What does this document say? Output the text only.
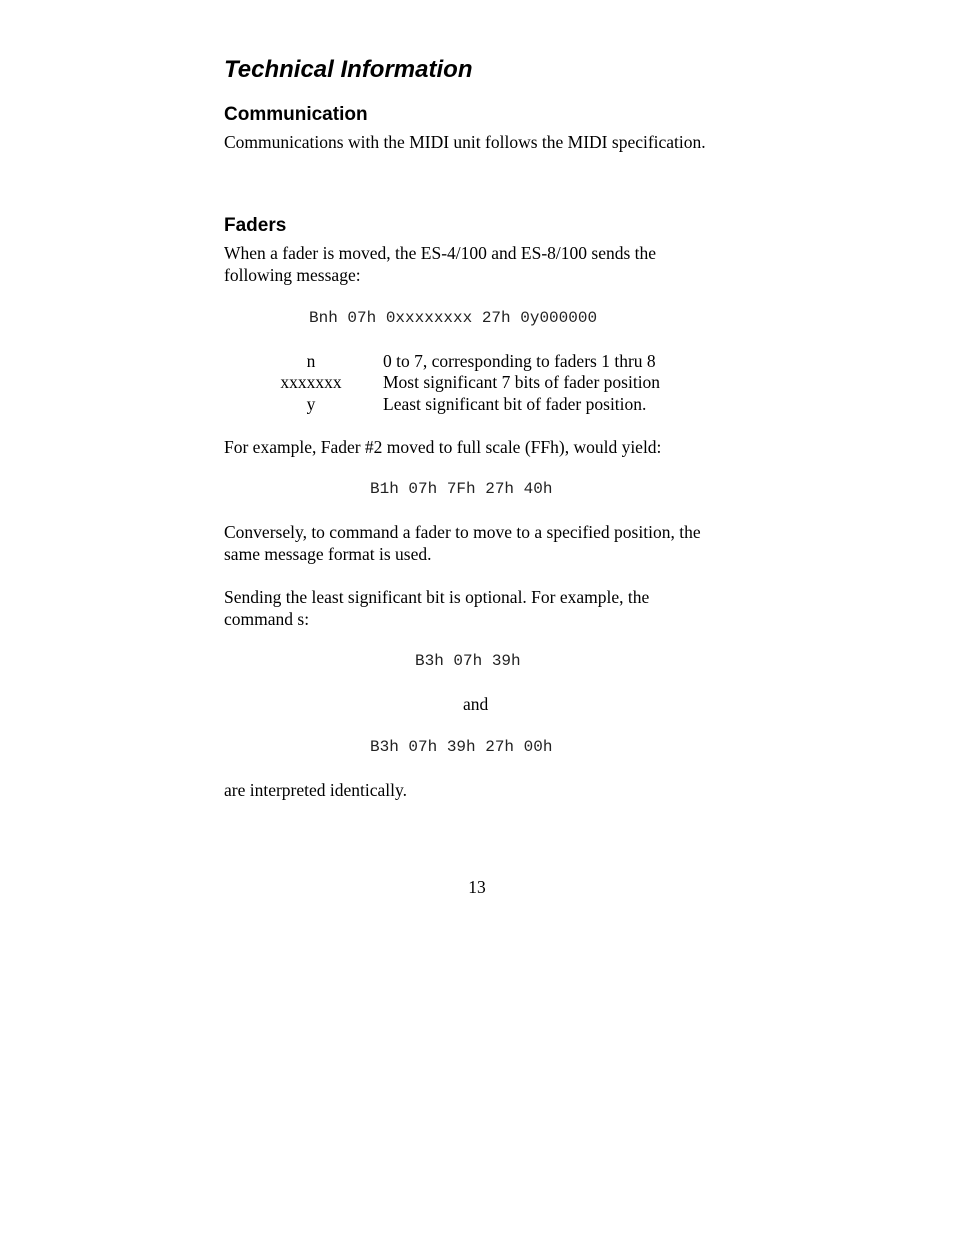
Technical Information
Communication

Communications with the MIDI unit follows the MIDI specification.

Faders

When a fader is moved, the ES-4/100 and ES-8/100 sends the following message:

Bnh 07h 0xxxxxxxx 27h 0y000000
n	0 to 7, corresponding to faders 1 thru 8
xxxxxxx	Most significant 7 bits of fader position
y	Least significant bit of fader position.

For example, Fader #2 moved to full scale (FFh), would yield:

B1h 07h 7Fh 27h 40h

Conversely, to command a fader to move to a specified position, the same message format is used.

Sending the least significant bit is optional. For example, the command s:

B3h 07h 39h
and
B3h 07h 39h 27h 00h

are interpreted identically.

13
